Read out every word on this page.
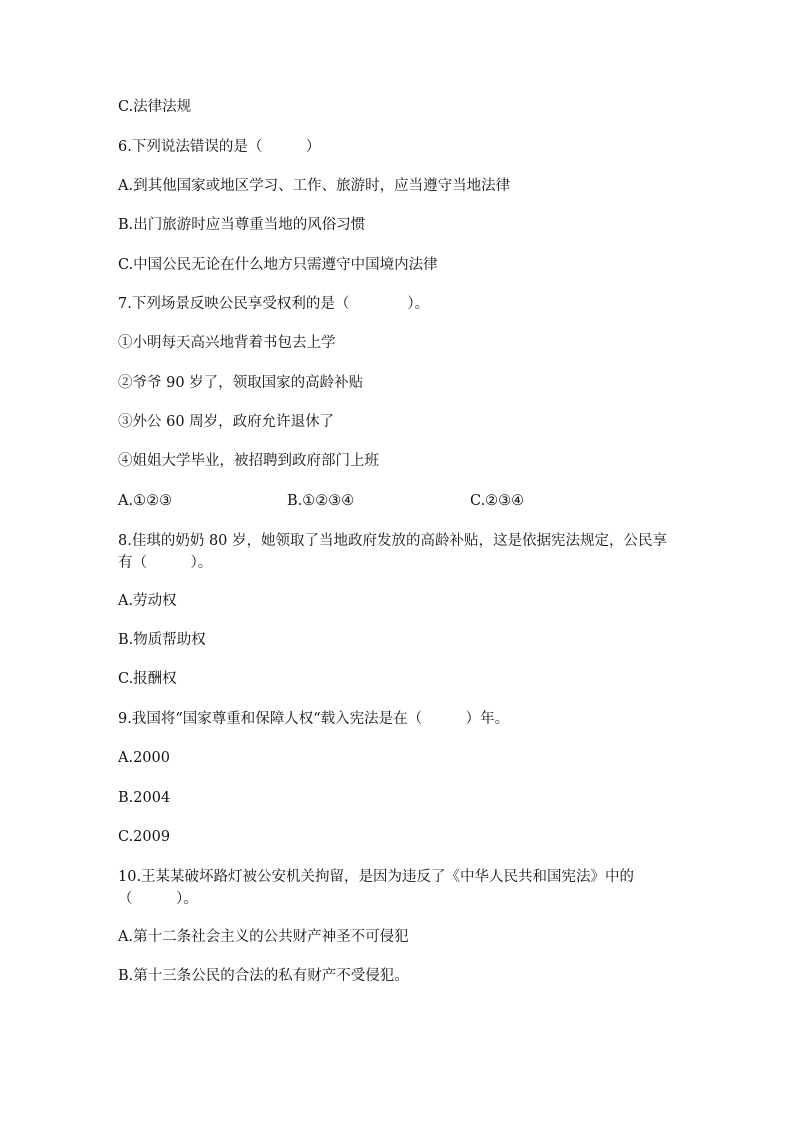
C.法律法规
6.下列说法错误的是（　　　）
A.到其他国家或地区学习、工作、旅游时，应当遵守当地法律
B.出门旅游时应当尊重当地的风俗习惯
C.中国公民无论在什么地方只需遵守中国境内法律
7.下列场景反映公民享受权利的是（　　　　）。
①小明每天高兴地背着书包去上学
②爷爷 90 岁了，领取国家的高龄补贴
③外公 60 周岁，政府允许退休了
④姐姐大学毕业，被招聘到政府部门上班
A.①②③	B.①②③④	C.②③④
8.佳琪的奶奶 80 岁，她领取了当地政府发放的高龄补贴，这是依据宪法规定，公民享有（　　　）。
A.劳动权
B.物质帮助权
C.报酬权
9.我国将“国家尊重和保障人权“载入宪法是在（　　　）年。
A.2000
B.2004
C.2009
10.王某某破坏路灯被公安机关拘留，是因为违反了《中华人民共和国宪法》中的（　　　）。
A.第十二条社会主义的公共财产神圣不可侵犯
B.第十三条公民的合法的私有财产不受侵犯。
